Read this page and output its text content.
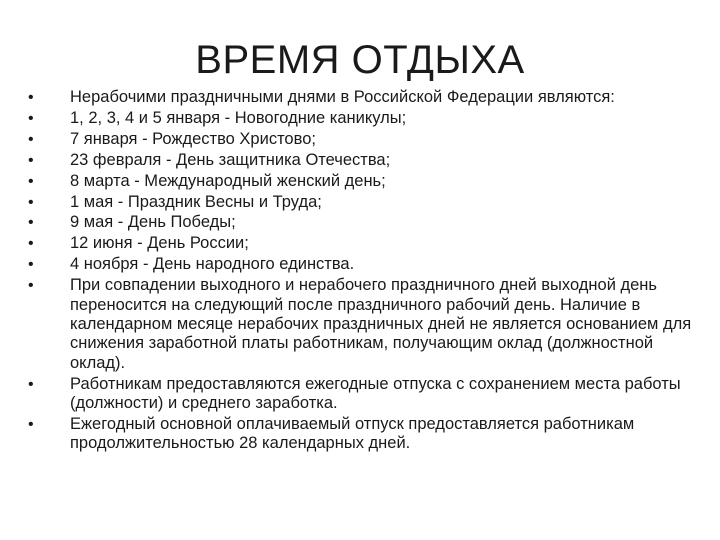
ВРЕМЯ ОТДЫХА
• Нерабочими праздничными днями в Российской Федерации являются:
• 1, 2, 3, 4 и 5 января - Новогодние каникулы;
• 7 января - Рождество Христово;
• 23 февраля - День защитника Отечества;
• 8 марта - Международный женский день;
• 1 мая - Праздник Весны и Труда;
• 9 мая - День Победы;
• 12 июня - День России;
• 4 ноября - День народного единства.
• При совпадении выходного и нерабочего праздничного дней выходной день переносится на следующий после праздничного рабочий день. Наличие в календарном месяце нерабочих праздничных дней не является основанием для снижения заработной платы работникам, получающим оклад (должностной оклад).
• Работникам предоставляются ежегодные отпуска с сохранением места работы (должности) и среднего заработка.
• Ежегодный основной оплачиваемый отпуск предоставляется работникам продолжительностью 28 календарных дней.
